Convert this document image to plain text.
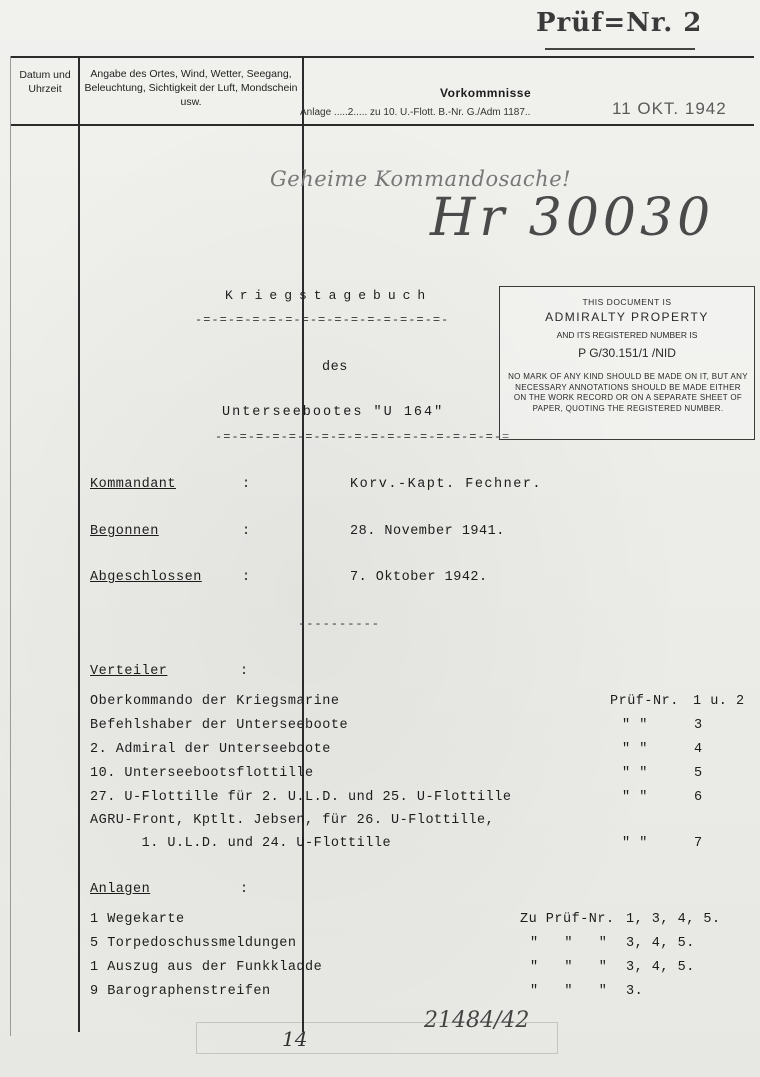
Prüf=Nr. 2
Datum und Uhrzeit
Angabe des Ortes, Wind, Wetter, Seegang, Beleuchtung, Sichtigkeit der Luft, Mondschein usw.
Vorkommnisse
Anlage .....2..... zu 10. U.-Flott. B.-Nr. G./Adm 1187..	11 OKT. 1942
Geheime Kommandosache!
Hr 30030
Kriegstagebuch
-=-=-=-=-=-=-=-=-=-=-=-=-=-=-=-
des
Unterseebootes "U 164"
-=-=-=-=-=-=-=-=-=-=-=-=-=-=-=-=-=-=
THIS DOCUMENT IS
ADMIRALTY PROPERTY
AND ITS REGISTERED NUMBER IS
P G/30.151/1 /NID
NO MARK OF ANY KIND SHOULD BE MADE ON IT, BUT ANY NECESSARY ANNOTATIONS SHOULD BE MADE EITHER ON THE WORK RECORD OR ON A SEPARATE SHEET OF PAPER, QUOTING THE REGISTERED NUMBER.
Kommandant	:	Korv.-Kapt. Fechner.
Begonnen	:	28. November 1941.
Abgeschlossen	:	7. Oktober 1942.
----------
Verteiler	:
Oberkommando der Kriegsmarine	Prüf-Nr. 1 u. 2
Befehlshaber der Unterseeboote	" "	3
2. Admiral der Unterseeboote	" "	4
10. Unterseebootsflottille	" "	5
27. U-Flottille für 2. U.L.D. und 25. U-Flottille	" "	6
AGRU-Front, Kptlt. Jebsen, für 26. U-Flottille,
1. U.L.D. und 24. U-Flottille	" "	7
Anlagen	:
1 Wegekarte	Zu Prüf-Nr. 1, 3, 4, 5.
5 Torpedoschussmeldungen	"   "   " 3, 4, 5.
1 Auszug aus der Funkkladde	"   "   " 3, 4, 5.
9 Barographenstreifen	"   "   " 3.
21484/42
14
